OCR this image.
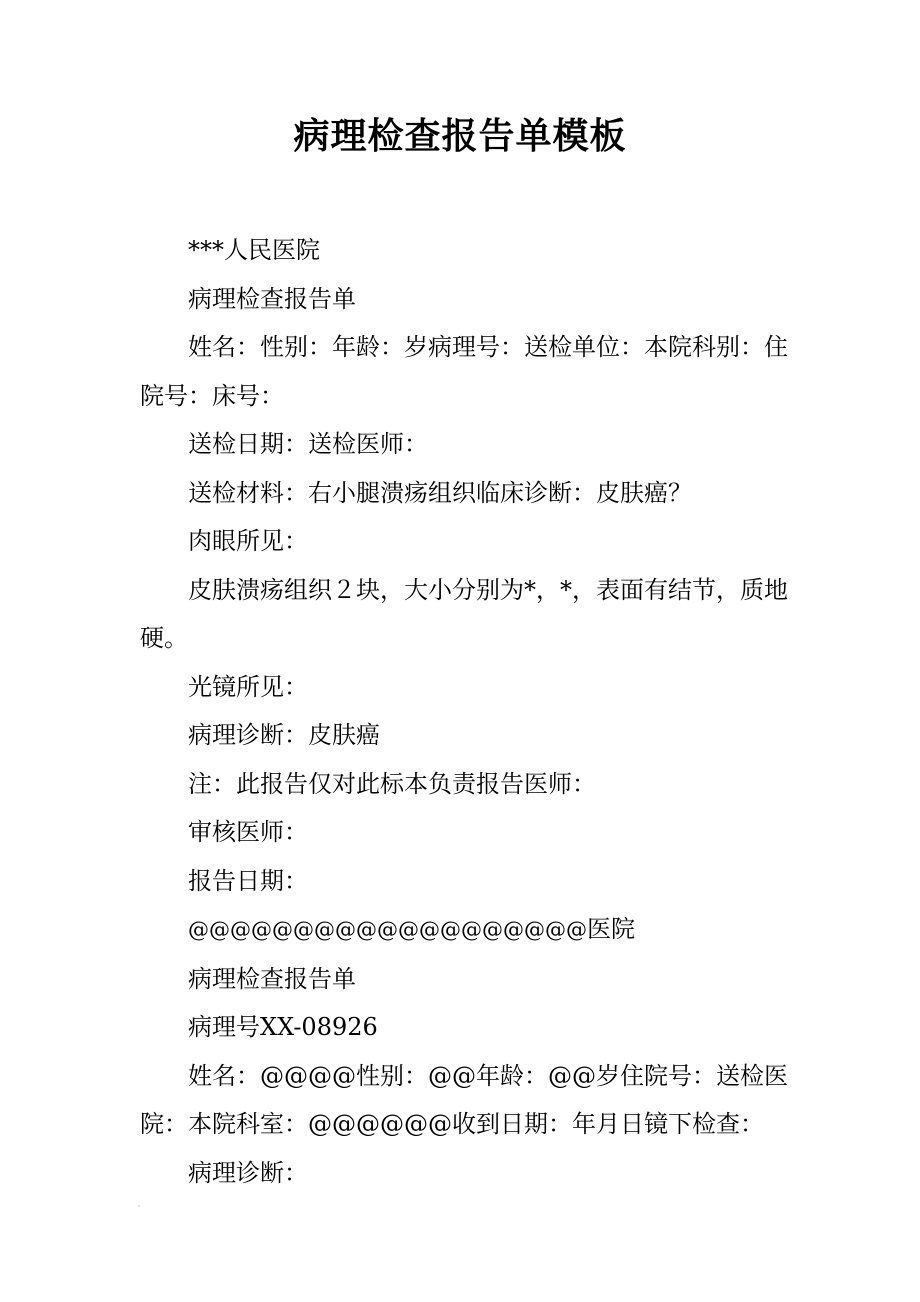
病理检查报告单模板

***人民医院

病理检查报告单

姓名：性别：年龄：岁病理号：送检单位：本院科别：住院号：床号：

送检日期：送检医师：

送检材料：右小腿溃疡组织临床诊断：皮肤癌？

肉眼所见：

皮肤溃疡组织２块，大小分别为*，*，表面有结节，质地硬。

光镜所见：

病理诊断：皮肤癌

注：此报告仅对此标本负责报告医师：

审核医师：

报告日期：

@@@@@@@@@@@@@@@@@@@医院

病理检查报告单

病理号XX-08926

姓名：@@@@性别：@@年龄：@@岁住院号：送检医院：本院科室：@@@@@@收到日期：年月日镜下检查：

病理诊断：
